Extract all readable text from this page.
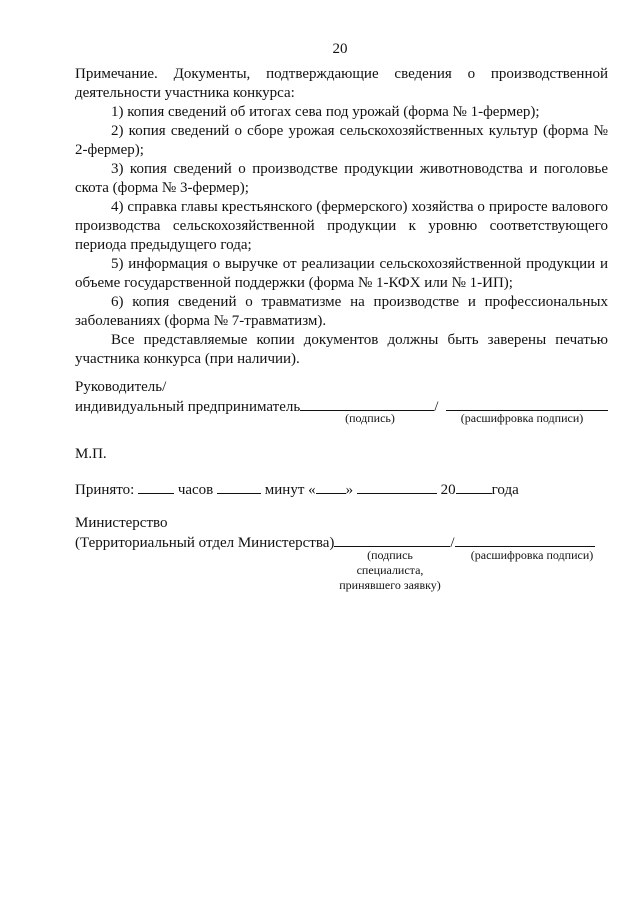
20

Примечание. Документы, подтверждающие сведения о производственной деятельности участника конкурса:

1) копия сведений об итогах сева под урожай (форма № 1-фермер);

2) копия сведений о сборе урожая сельскохозяйственных культур (форма № 2-фермер);

3) копия сведений о производстве продукции животноводства и поголовье скота (форма № 3-фермер);

4) справка главы крестьянского (фермерского) хозяйства о приросте валового производства сельскохозяйственной продукции к уровню соответствующего периода предыдущего года;

5) информация о выручке от реализации сельскохозяйственной продукции и объеме государственной поддержки (форма № 1-КФХ или № 1-ИП);

6) копия сведений о травматизме на производстве и профессиональных заболеваниях (форма № 7-травматизм).

Все представляемые копии документов должны быть заверены печатью участника конкурса (при наличии).

Руководитель/
индивидуальный предприниматель	/
(подпись)	(расшифровка подписи)
М.П.
Принято:	часов	минут « »	20 года
Министерство
(Территориальный отдел Министерства)	/
(подпись
специалиста,
принявшего заявку)
(расшифровка подписи)
